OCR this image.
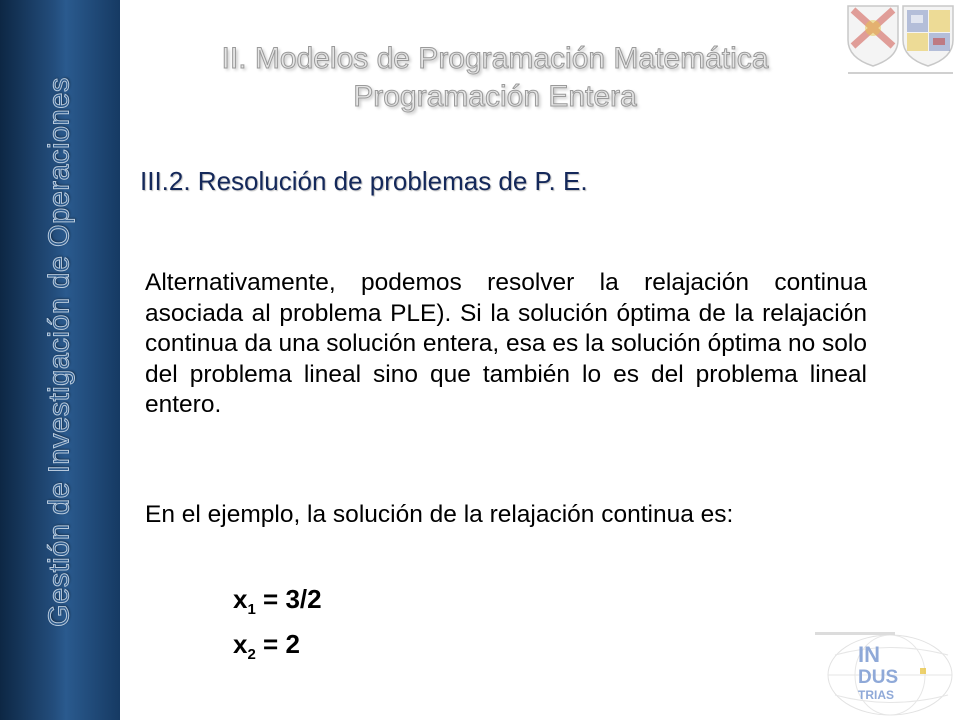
Gestión de Investigación de Operaciones
II. Modelos de Programación Matemática
Programación Entera
III.2. Resolución de problemas de P. E.
Alternativamente, podemos resolver la relajación continua asociada al problema PLE). Si la solución óptima de la relajación continua da una solución entera, esa es la solución óptima no solo del problema lineal sino que también lo es del problema lineal entero.
En el ejemplo, la solución de la relajación continua es:
$x_1 = 3/2$
$x_2 = 2$	IN
DUS
TRIAS
